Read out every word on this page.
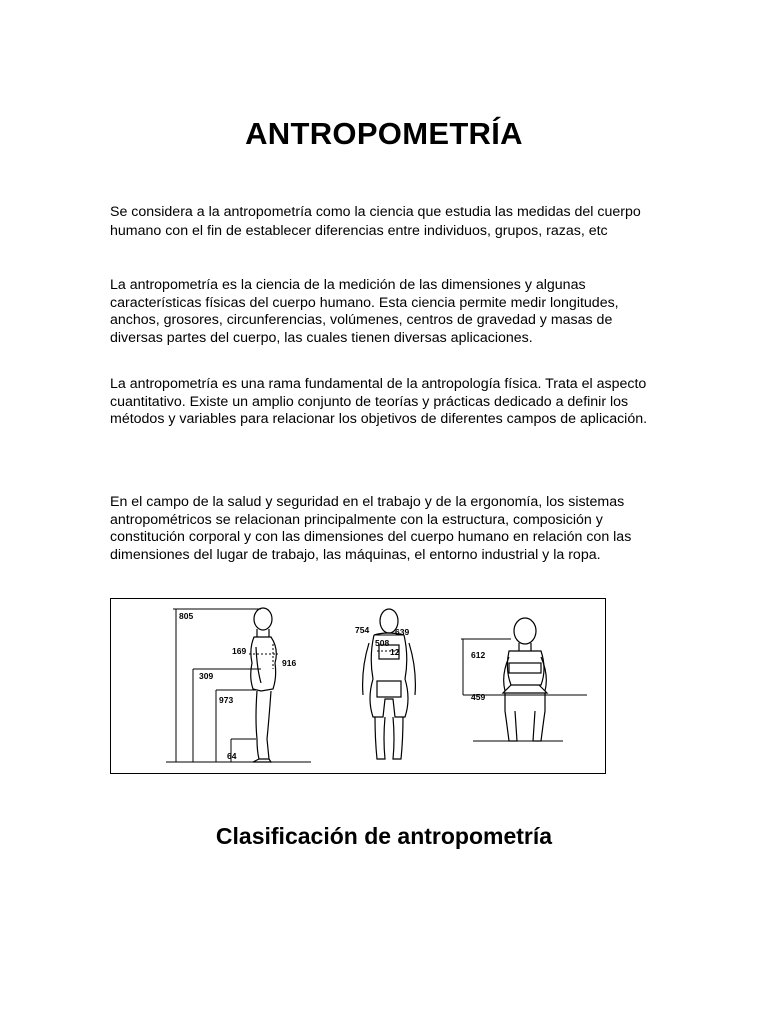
ANTROPOMETRÍA
Se considera a la antropometría como la ciencia que estudia las medidas del cuerpo humano con el fin de establecer diferencias entre individuos, grupos, razas, etc
La antropometría es la ciencia de la medición de las dimensiones y algunas características físicas del cuerpo humano. Esta ciencia permite medir longitudes, anchos, grosores, circunferencias, volúmenes, centros de gravedad y masas de diversas partes del cuerpo, las cuales tienen diversas aplicaciones.
La antropometría es una rama fundamental de la antropología física. Trata el aspecto cuantitativo. Existe un amplio conjunto de teorías y prácticas dedicado a definir los métodos y variables para relacionar los objetivos de diferentes campos de aplicación.
En el campo de la salud y seguridad en el trabajo y de la ergonomía, los sistemas antropométricos se relacionan principalmente con la estructura, composición y constitución corporal y con las dimensiones del cuerpo humano en relación con las dimensiones del lugar de trabajo, las máquinas, el entorno industrial y la ropa.
805
169
916
309
973
64
754	639
508
12	612
459
Clasificación de antropometría
